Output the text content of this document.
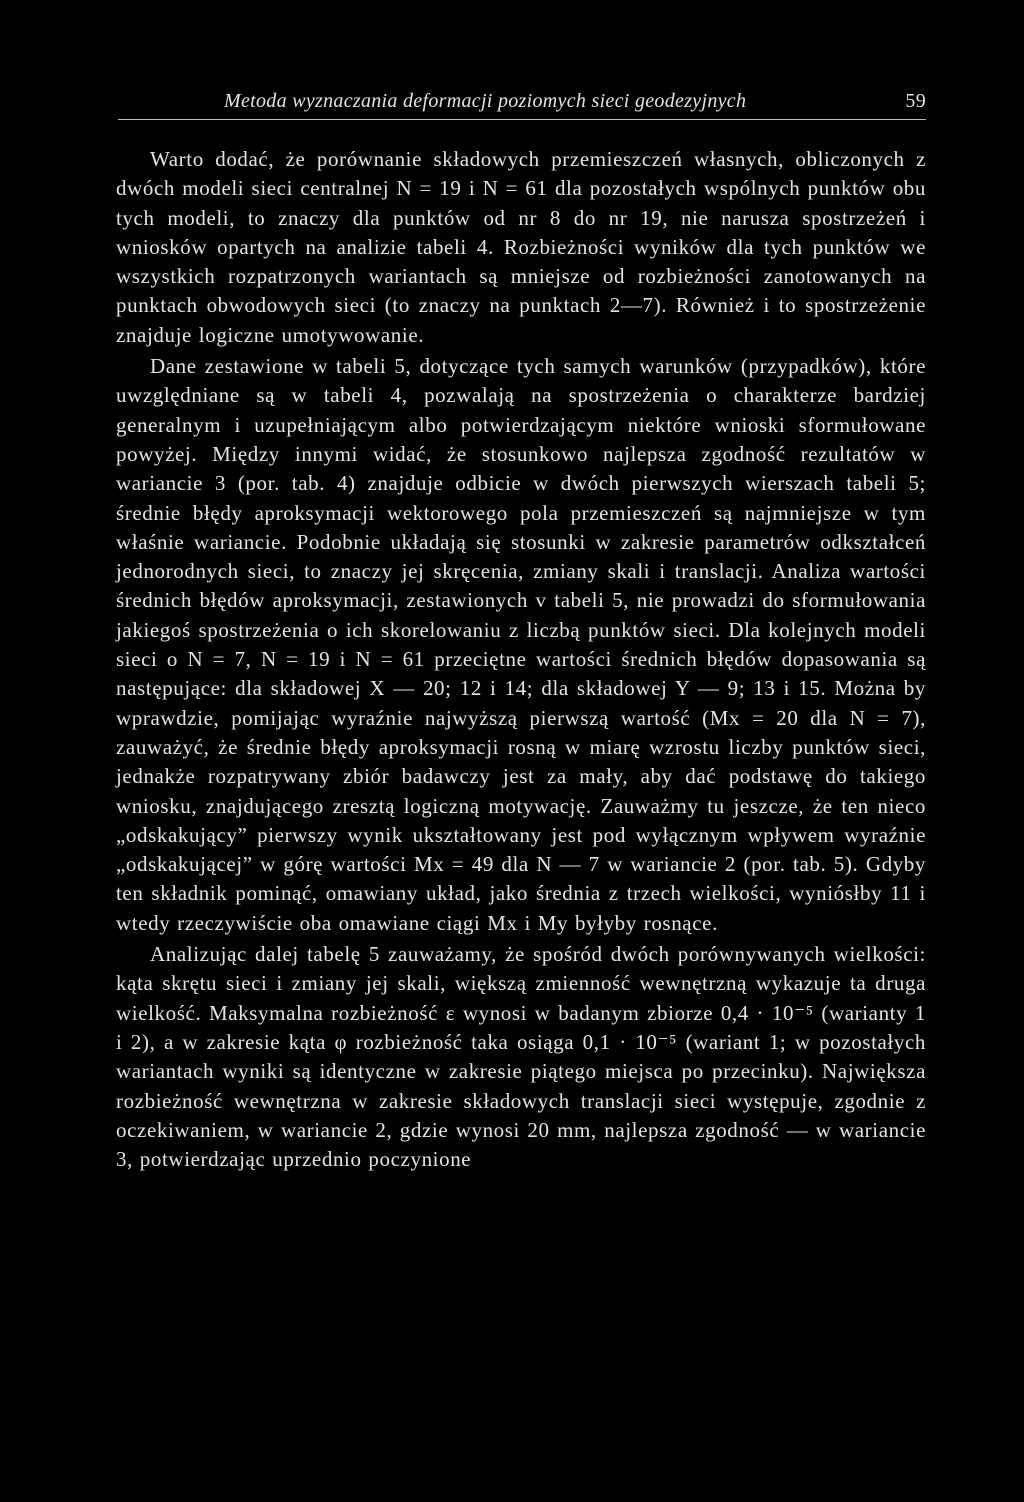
Metoda wyznaczania deformacji poziomych sieci geodezyjnych	59

Warto dodać, że porównanie składowych przemieszczeń własnych, obliczonych z dwóch modeli sieci centralnej N = 19 i N = 61 dla pozostałych wspólnych punktów obu tych modeli, to znaczy dla punktów od nr 8 do nr 19, nie narusza spostrzeżeń i wniosków opartych na analizie tabeli 4. Rozbieżności wyników dla tych punktów we wszystkich rozpatrzonych wariantach są mniejsze od rozbieżności zanotowanych na punktach obwodowych sieci (to znaczy na punktach 2—7). Również i to spostrzeżenie znajduje logiczne umotywowanie.

Dane zestawione w tabeli 5, dotyczące tych samych warunków (przypadków), które uwzględniane są w tabeli 4, pozwalają na spostrzeżenia o charakterze bardziej generalnym i uzupełniającym albo potwierdzającym niektóre wnioski sformułowane powyżej. Między innymi widać, że stosunkowo najlepsza zgodność rezultatów w wariancie 3 (por. tab. 4) znajduje odbicie w dwóch pierwszych wierszach tabeli 5; średnie błędy aproksymacji wektorowego pola przemieszczeń są najmniejsze w tym właśnie wariancie. Podobnie układają się stosunki w zakresie parametrów odkształceń jednorodnych sieci, to znaczy jej skręcenia, zmiany skali i translacji. Analiza wartości średnich błędów aproksymacji, zestawionych v tabeli 5, nie prowadzi do sformułowania jakiegoś spostrzeżenia o ich skorelowaniu z liczbą punktów sieci. Dla kolejnych modeli sieci o N = 7, N = 19 i N = 61 przeciętne wartości średnich błędów dopasowania są następujące: dla składowej X — 20; 12 i 14; dla składowej Y — 9; 13 i 15. Można by wprawdzie, pomijając wyraźnie najwyższą pierwszą wartość (Mx = 20 dla N = 7), zauważyć, że średnie błędy aproksymacji rosną w miarę wzrostu liczby punktów sieci, jednakże rozpatrywany zbiór badawczy jest za mały, aby dać podstawę do takiego wniosku, znajdującego zresztą logiczną motywację. Zauważmy tu jeszcze, że ten nieco „odskakujący” pierwszy wynik ukształtowany jest pod wyłącznym wpływem wyraźnie „odskakującej” w górę wartości Mx = 49 dla N — 7 w wariancie 2 (por. tab. 5). Gdyby ten składnik pominąć, omawiany układ, jako średnia z trzech wielkości, wyniósłby 11 i wtedy rzeczywiście oba omawiane ciągi Mx i My byłyby rosnące.

Analizując dalej tabelę 5 zauważamy, że spośród dwóch porównywanych wielkości: kąta skrętu sieci i zmiany jej skali, większą zmienność wewnętrzną wykazuje ta druga wielkość. Maksymalna rozbieżność ε wynosi w badanym zbiorze 0,4 · 10⁻⁵ (warianty 1 i 2), a w zakresie kąta φ rozbieżność taka osiąga 0,1 · 10⁻⁵ (wariant 1; w pozostałych wariantach wyniki są identyczne w zakresie piątego miejsca po przecinku). Największa rozbieżność wewnętrzna w zakresie składowych translacji sieci występuje, zgodnie z oczekiwaniem, w wariancie 2, gdzie wynosi 20 mm, najlepsza zgodność — w wariancie 3, potwierdzając uprzednio poczynione
